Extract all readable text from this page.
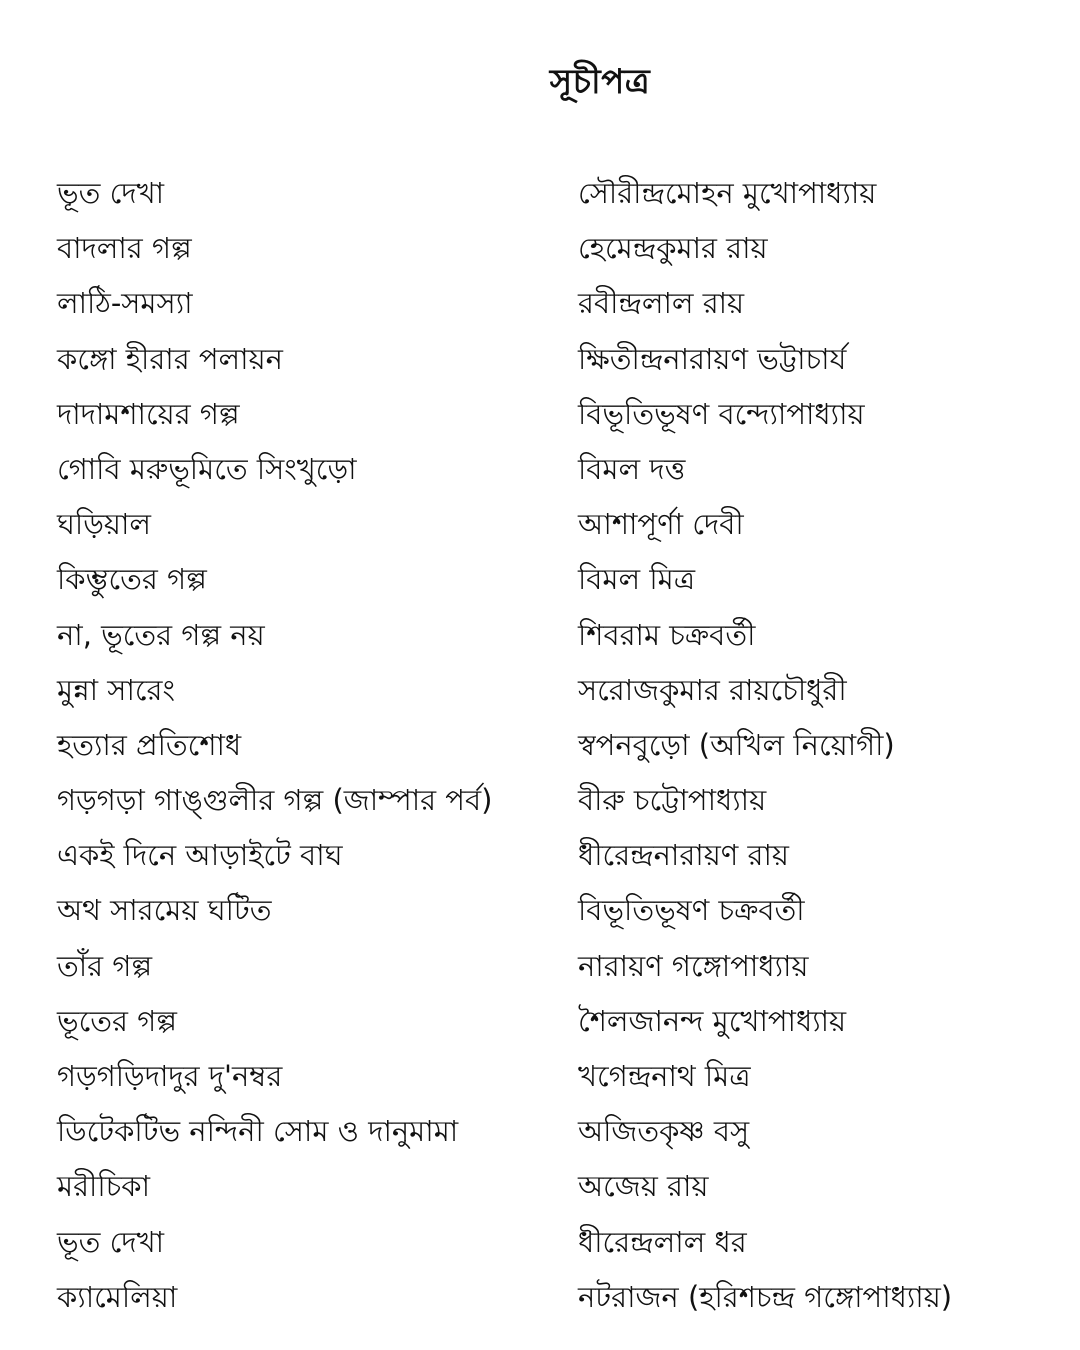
সূচীপত্র
ভূত দেখা	সৌরীন্দ্রমোহন মুখোপাধ্যায়
বাদলার গল্প	হেমেন্দ্রকুমার রায়
লাঠি-সমস্যা	রবীন্দ্রলাল রায়
কঙ্গো হীরার পলায়ন	ক্ষিতীন্দ্রনারায়ণ ভট্টাচার্য
দাদামশায়ের গল্প	বিভূতিভূষণ বন্দ্যোপাধ্যায়
গোবি মরুভূমিতে সিংখুড়ো	বিমল দত্ত
ঘড়িয়াল	আশাপূর্ণা দেবী
কিম্ভুতের গল্প	বিমল মিত্র
না, ভূতের গল্প নয়	শিবরাম চক্রবর্তী
মুন্না সারেং	সরোজকুমার রায়চৌধুরী
হত্যার প্রতিশোধ	স্বপনবুড়ো (অখিল নিয়োগী)
গড়গড়া গাঙ্গুলীর গল্প (জাম্পার পর্ব)	বীরু চট্টোপাধ্যায়
একই দিনে আড়াইটে বাঘ	ধীরেন্দ্রনারায়ণ রায়
অথ সারমেয় ঘটিত	বিভূতিভূষণ চক্রবর্তী
তাঁর গল্প	নারায়ণ গঙ্গোপাধ্যায়
ভূতের গল্প	শৈলজানন্দ মুখোপাধ্যায়
গড়গড়িদাদুর দু'নম্বর	খগেন্দ্রনাথ মিত্র
ডিটেকটিভ নন্দিনী সোম ও দানুমামা	অজিতকৃষ্ণ বসু
মরীচিকা	অজেয় রায়
ভূত দেখা	ধীরেন্দ্রলাল ধর
ক্যামেলিয়া	নটরাজন (হরিশচন্দ্র গঙ্গোপাধ্যায়)
